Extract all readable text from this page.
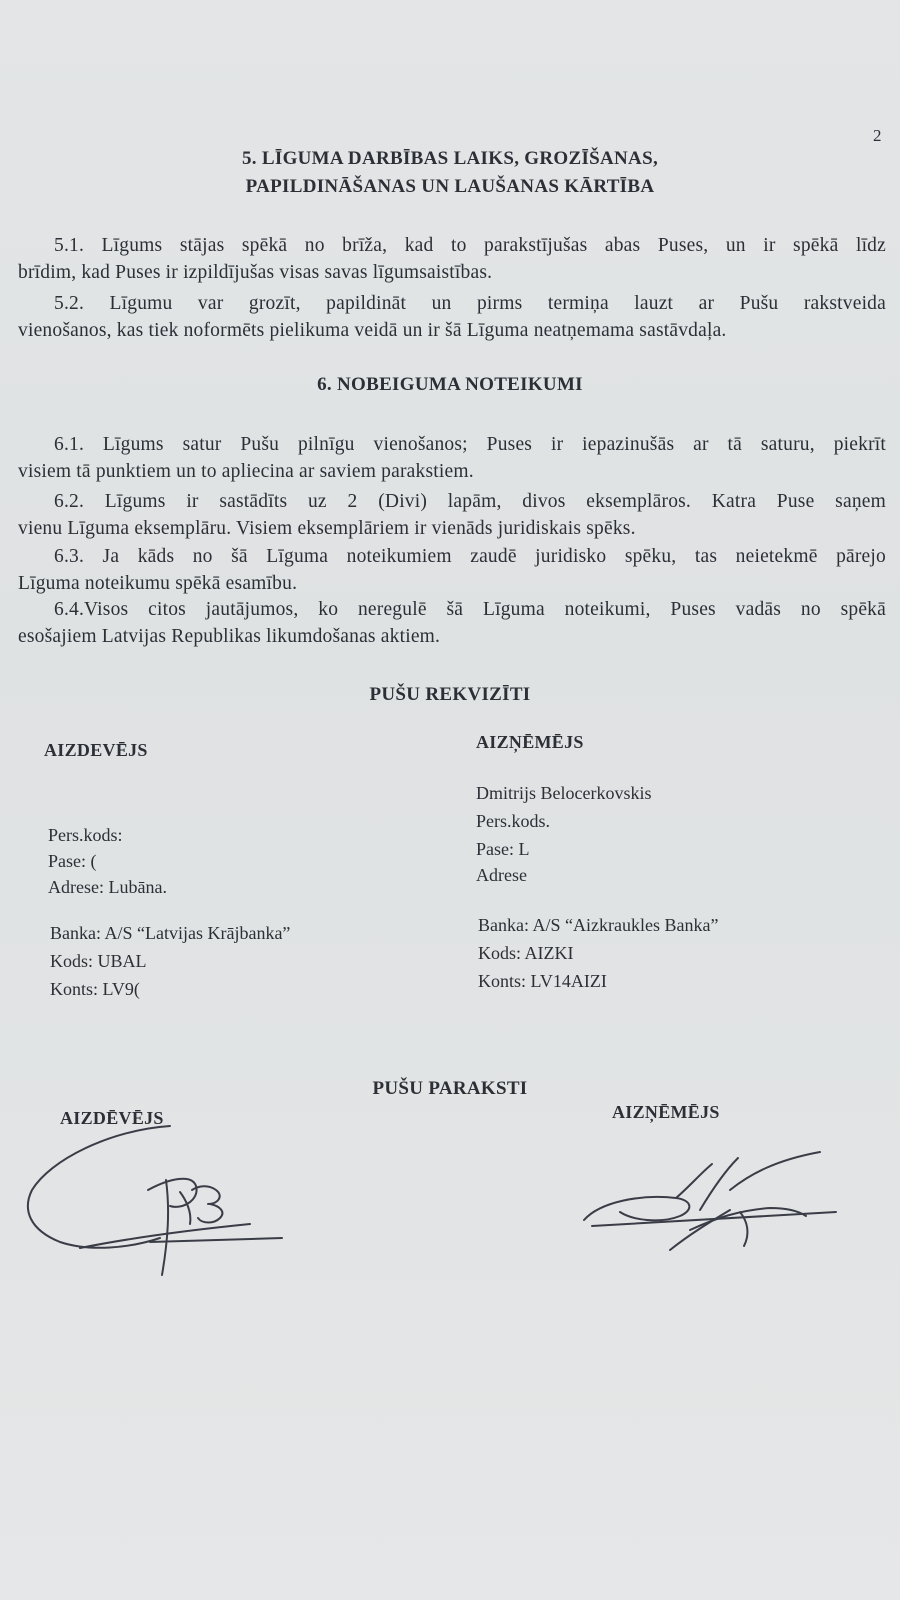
2
5. LĪGUMA DARBĪBAS LAIKS, GROZĪŠANAS,
PAPILDINĀŠANAS UN LAUŠANAS KĀRTĪBA
5.1. Līgums stājas spēkā no brīža, kad to parakstījušas abas Puses, un ir spēkā līdz
brīdim, kad Puses ir izpildījušas visas savas līgumsaistības.
5.2. Līgumu var grozīt, papildināt un pirms termiņa lauzt ar Pušu rakstveida
vienošanos, kas tiek noformēts pielikuma veidā un ir šā Līguma neatņemama sastāvdaļa.
6. NOBEIGUMA NOTEIKUMI
6.1. Līgums satur Pušu pilnīgu vienošanos; Puses ir iepazinušās ar tā saturu, piekrīt
visiem tā punktiem un to apliecina ar saviem parakstiem.
6.2. Līgums ir sastādīts uz 2 (Divi) lapām, divos eksemplāros. Katra Puse saņem
vienu Līguma eksemplāru. Visiem eksemplāriem ir vienāds juridiskais spēks.
6.3. Ja kāds no šā Līguma noteikumiem zaudē juridisko spēku, tas neietekmē pārejo
Līguma noteikumu spēkā esamību.
6.4.Visos citos jautājumos, ko neregulē šā Līguma noteikumi, Puses vadās no spēkā
esošajiem Latvijas Republikas likumdošanas aktiem.
PUŠU REKVIZĪTI
AIZDEVĒJS	AIZŅĒMĒJS
Pers.kods:
Pase: (
Adrese: Lubāna.
Banka: A/S “Latvijas Krājbanka”
Kods: UBAL
Konts: LV9(
Dmitrijs Belocerkovskis
Pers.kods.
Pase: L
Adrese
Banka: A/S “Aizkraukles Banka”
Kods: AIZKI
Konts: LV14AIZI
PUŠU PARAKSTI
AIZDĒVĒJS	AIZŅĒMĒJS
